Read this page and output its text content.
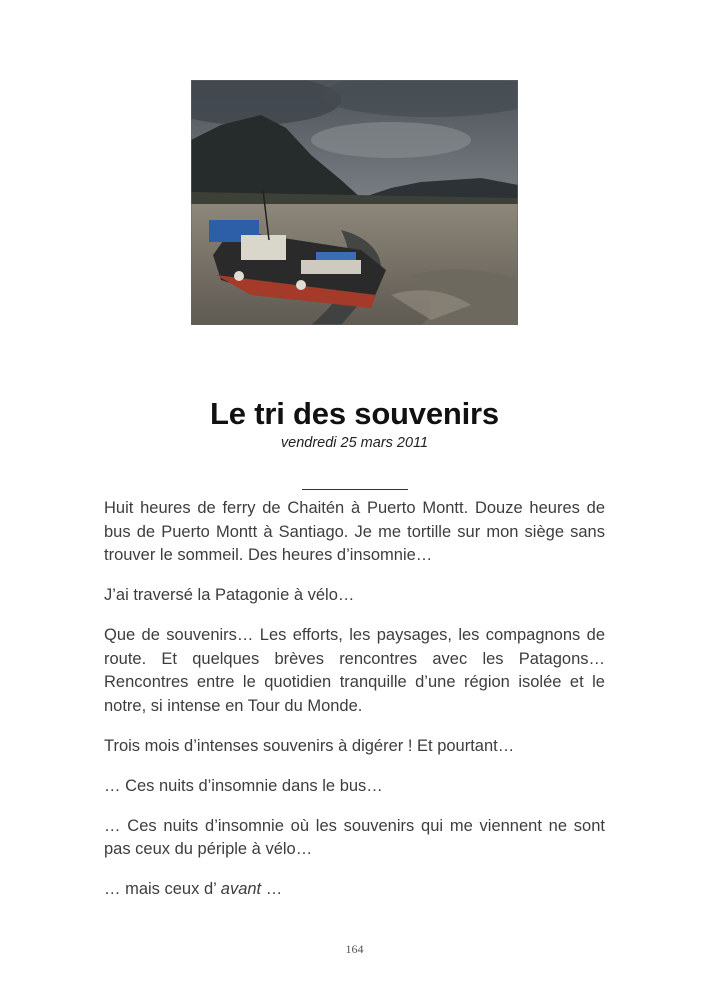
Le tri des souvenirs
vendredi 25 mars 2011

Huit heures de ferry de Chaitén à Puerto Montt. Douze heures de bus de Puerto Montt à Santiago. Je me tortille sur mon siège sans trouver le sommeil. Des heures d’insomnie…

J’ai traversé la Patagonie à vélo…

Que de souvenirs… Les efforts, les paysages, les compagnons de route. Et quelques brèves rencontres avec les Patagons… Rencontres entre le quotidien tranquille d’une région isolée et le notre, si intense en Tour du Monde.

Trois mois d’intenses souvenirs à digérer ! Et pourtant…

… Ces nuits d’insomnie dans le bus…

… Ces nuits d’insomnie où les souvenirs qui me viennent ne sont pas ceux du périple à vélo…

… mais ceux d’ avant …

164
